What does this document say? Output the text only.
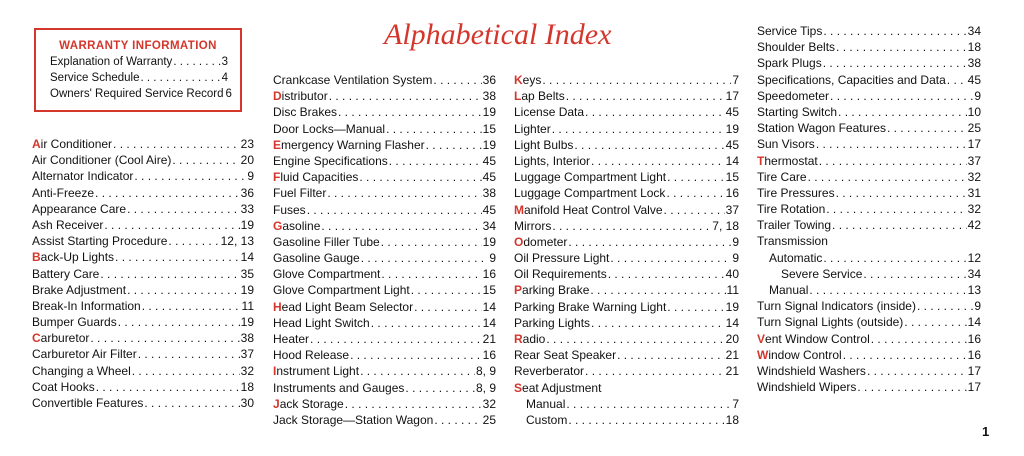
WARRANTY INFORMATION
Explanation of Warranty . . .	3
Service Schedule . . .	4
Owners' Required Service Record 6
Alphabetical Index
Air Conditioner . . .	23
Air Conditioner (Cool Aire) . . .	20
Alternator Indicator . . .	9
Anti-Freeze . . .	36
Appearance Care . . .	33
Ash Receiver . . .	19
Assist Starting Procedure . . .	12, 13
Back-Up Lights . . .	14
Battery Care . . .	35
Brake Adjustment . . .	19
Break-In Information . . .	11
Bumper Guards . . .	19
Carburetor . . .	38
Carburetor Air Filter . . .	37
Changing a Wheel . . .	32
Coat Hooks . . .	18
Convertible Features . . .	30
Crankcase Ventilation System . . .	36
Distributor . . .	38
Disc Brakes . . .	19
Door Locks—Manual . . .	15
Emergency Warning Flasher . . .	19
Engine Specifications . . .	45
Fluid Capacities . . .	45
Fuel Filter . . .	38
Fuses . . .	45
Gasoline . . .	34
Gasoline Filler Tube . . .	19
Gasoline Gauge . . .	9
Glove Compartment . . .	16
Glove Compartment Light . . .	15
Head Light Beam Selector . . .	14
Head Light Switch . . .	14
Heater . . .	21
Hood Release . . .	16
Instrument Light . . .	8, 9
Instruments and Gauges . . .	8, 9
Jack Storage . . .	32
Jack Storage—Station Wagon . . .	25
Keys . . .	7
Lap Belts . . .	17
License Data . . .	45
Lighter . . .	19
Light Bulbs . . .	45
Lights, Interior . . .	14
Luggage Compartment Light . . .	15
Luggage Compartment Lock . . .	16
Manifold Heat Control Valve . . .	37
Mirrors . . .	7, 18
Odometer . . .	9
Oil Pressure Light . . .	9
Oil Requirements . . .	40
Parking Brake . . .	11
Parking Brake Warning Light . . .	19
Parking Lights . . .	14
Radio . . .	20
Rear Seat Speaker . . .	21
Reverberator . . .	21
Seat Adjustment
Manual . . .	7
Custom . . .	18
Service Tips . . .	34
Shoulder Belts . . .	18
Spark Plugs . . .	38
Specifications, Capacities and Data . . . 45
Speedometer . . .	9
Starting Switch . . .	10
Station Wagon Features . . .	25
Sun Visors . . .	17
Thermostat . . .	37
Tire Care . . .	32
Tire Pressures . . .	31
Tire Rotation . . .	32
Trailer Towing . . .	42
Transmission
Automatic . . .	12
Severe Service . . .	34
Manual . . .	13
Turn Signal Indicators (inside) . . .	9
Turn Signal Lights (outside) . . .	14
Vent Window Control . . .	16
Window Control . . .	16
Windshield Washers . . .	17
Windshield Wipers . . .	17
1
